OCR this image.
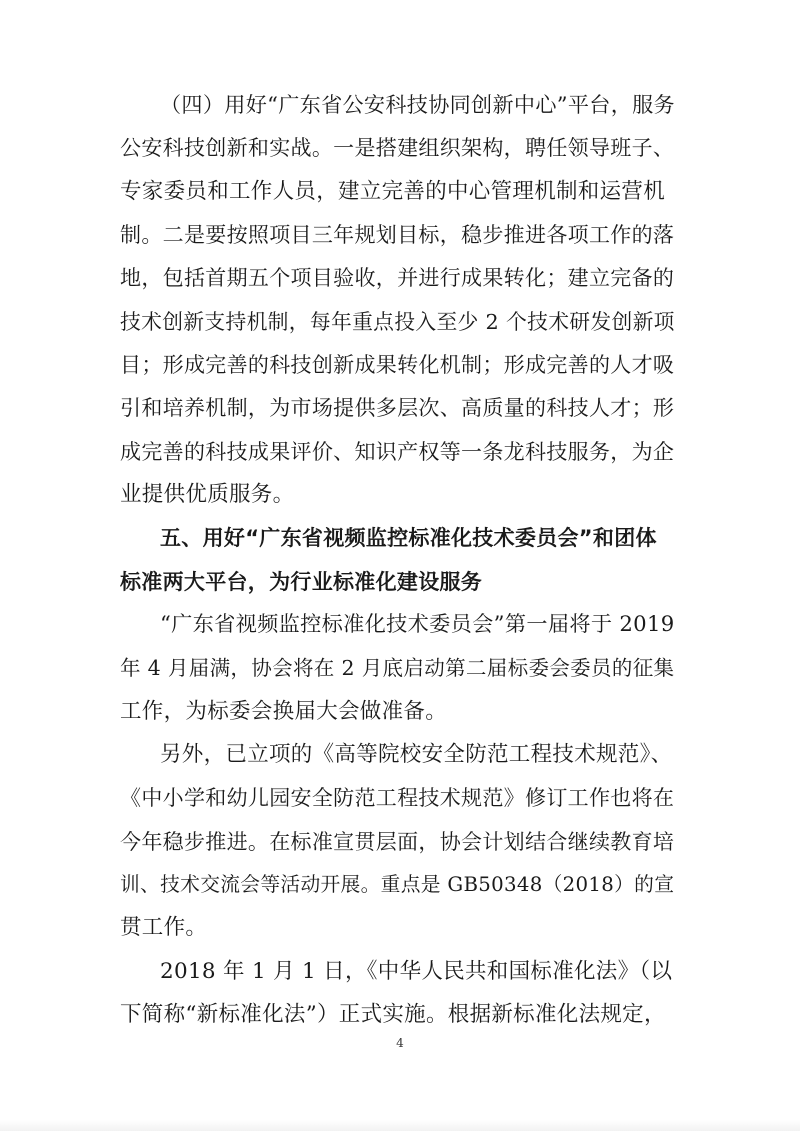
（四）用好“广东省公安科技协同创新中心”平台，服务
公安科技创新和实战。一是搭建组织架构，聘任领导班子、
专家委员和工作人员，建立完善的中心管理机制和运营机
制。二是要按照项目三年规划目标，稳步推进各项工作的落
地，包括首期五个项目验收，并进行成果转化；建立完备的
技术创新支持机制，每年重点投入至少 2 个技术研发创新项
目；形成完善的科技创新成果转化机制；形成完善的人才吸
引和培养机制，为市场提供多层次、高质量的科技人才；形
成完善的科技成果评价、知识产权等一条龙科技服务，为企
业提供优质服务。
五、用好“广东省视频监控标准化技术委员会”和团体
标准两大平台，为行业标准化建设服务
“广东省视频监控标准化技术委员会”第一届将于 2019
年 4 月届满，协会将在 2 月底启动第二届标委会委员的征集
工作，为标委会换届大会做准备。
另外，已立项的《高等院校安全防范工程技术规范》、
《中小学和幼儿园安全防范工程技术规范》修订工作也将在
今年稳步推进。在标准宣贯层面，协会计划结合继续教育培
训、技术交流会等活动开展。重点是 GB50348（2018）的宣
贯工作。
4
2018 年 1 月 1 日，《中华人民共和国标准化法》（以
下简称“新标准化法”）正式实施。根据新标准化法规定，
